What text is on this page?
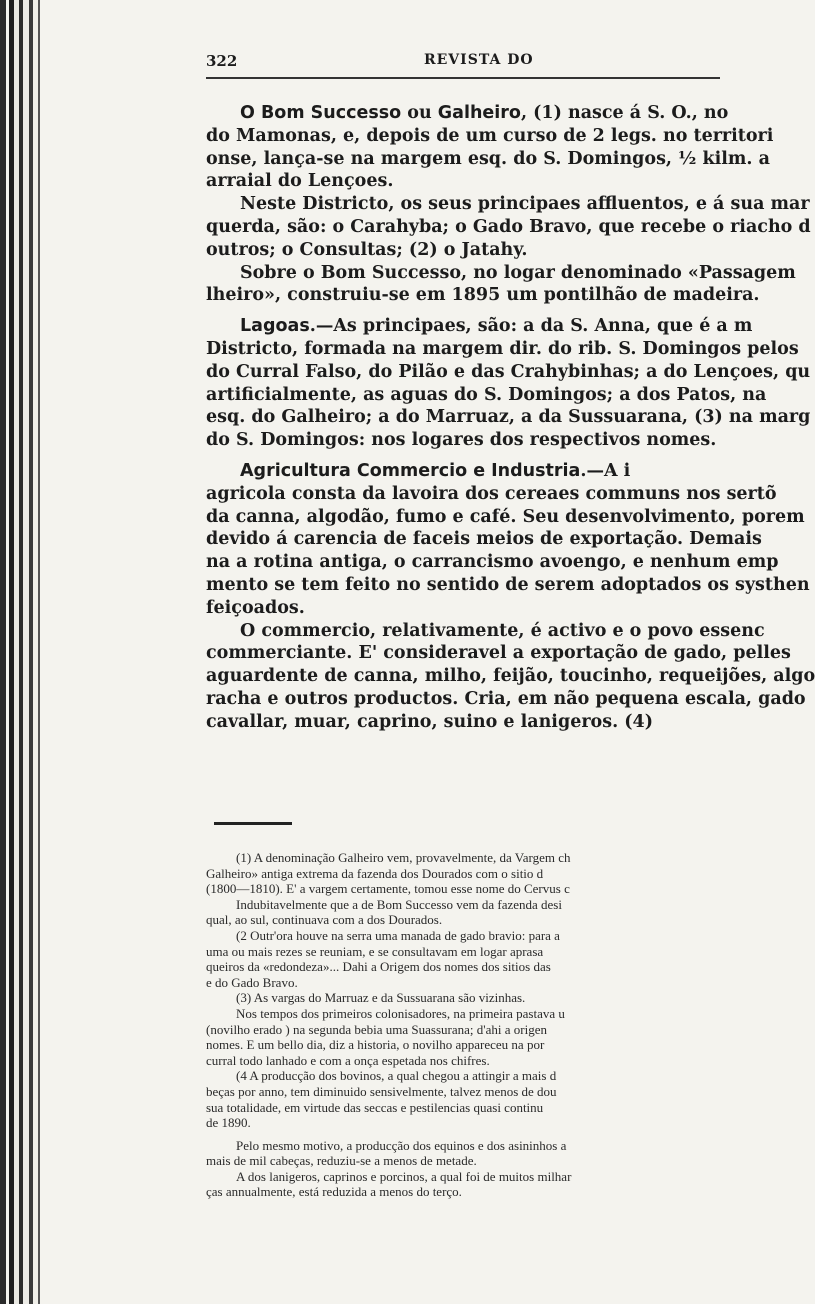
322	REVISTA DO
O Bom Successo ou Galheiro, (1) nasce á S. O., no
do Mamonas, e, depois de um curso de 2 legs. no territori
onse, lança-se na margem esq. do S. Domingos, ½ kilm. a
arraial do Lençoes.
Neste Districto, os seus principaes affluentos, e á sua mar
querda, são: o Carahyba; o Gado Bravo, que recebe o riacho d
outros; o Consultas; (2) o Jatahy.
Sobre o Bom Successo, no logar denominado «Passagem
lheiro», construiu-se em 1895 um pontilhão de madeira.
Lagoas.—As principaes, são: a da S. Anna, que é a m
Districto, formada na margem dir. do rib. S. Domingos pelos
do Curral Falso, do Pilão e das Crahybinhas; a do Lençoes, qu
artificialmente, as aguas do S. Domingos; a dos Patos, na
esq. do Galheiro; a do Marruaz, a da Sussuarana, (3) na marg
do S. Domingos: nos logares dos respectivos nomes.
Agricultura Commercio e Industria.—A i
agricola consta da lavoira dos cereaes communs nos sertõ
da canna, algodão, fumo e café. Seu desenvolvimento, porem
devido á carencia de faceis meios de exportação. Demais
na a rotina antiga, o carrancismo avoengo, e nenhum emp
mento se tem feito no sentido de serem adoptados os systhen
feiçoados.
O commercio, relativamente, é activo e o povo essenc
commerciante. E' consideravel a exportação de gado, pelles
aguardente de canna, milho, feijão, toucinho, requeijões, algo
racha e outros productos. Cria, em não pequena escala, gado
cavallar, muar, caprino, suino e lanigeros. (4)
(1) A denominação Galheiro vem, provavelmente, da Vargem ch
Galheiro» antiga extrema da fazenda dos Dourados com o sitio d
(1800—1810). E' a vargem certamente, tomou esse nome do Cervus c
Indubitavelmente que a de Bom Successo vem da fazenda desi
qual, ao sul, continuava com a dos Dourados.
(2 Outr'ora houve na serra uma manada de gado bravio: para a
uma ou mais rezes se reuniam, e se consultavam em logar aprasa
queiros da «redondeza»... Dahi a Origem dos nomes dos sitios das
e do Gado Bravo.
(3) As vargas do Marruaz e da Sussuarana são vizinhas.
Nos tempos dos primeiros colonisadores, na primeira pastava u
(novilho erado ) na segunda bebia uma Suassurana; d'ahi a origen
nomes. E um bello dia, diz a historia, o novilho appareceu na por
curral todo lanhado e com a onça espetada nos chifres.
(4 A producção dos bovinos, a qual chegou a attingir a mais d
beças por anno, tem diminuido sensivelmente, talvez menos de dou
sua totalidade, em virtude das seccas e pestilencias quasi continu
de 1890.
Pelo mesmo motivo, a producção dos equinos e dos asininhos a
mais de mil cabeças, reduziu-se a menos de metade.
A dos lanigeros, caprinos e porcinos, a qual foi de muitos milhar
ças annualmente, está reduzida a menos do terço.
